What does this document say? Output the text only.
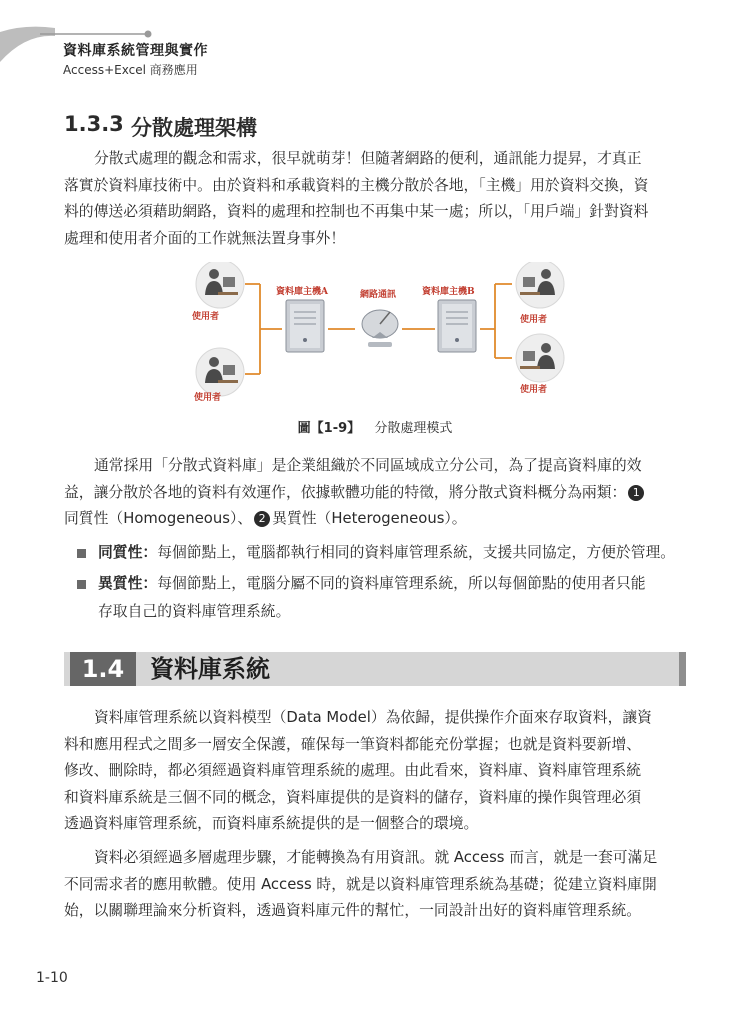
資料庫系統管理與實作
Access+Excel 商務應用
1.3.3 分散處理架構

分散式處理的觀念和需求，很早就萌芽！但隨著網路的便利，通訊能力提昇，才真正
落實於資料庫技術中。由於資料和承載資料的主機分散於各地，「主機」用於資料交換，資
料的傳送必須藉助網路，資料的處理和控制也不再集中某一處；所以，「用戶端」針對資料
處理和使用者介面的工作就無法置身事外！

資料庫主機A	網路通訊	資料庫主機B
使用者
使用者
使用者
使用者
圖【1-9】 分散處理模式

通常採用「分散式資料庫」是企業組織於不同區域成立分公司，為了提高資料庫的效
益，讓分散於各地的資料有效運作，依據軟體功能的特徵，將分散式資料概分為兩類： 1
同質性（Homogeneous）、 2 異質性（Heterogeneous）。

同質性：每個節點上，電腦都執行相同的資料庫管理系統，支援共同協定，方便於管理。
異質性：每個節點上，電腦分屬不同的資料庫管理系統，所以每個節點的使用者只能
存取自己的資料庫管理系統。
1.4	資料庫系統

資料庫管理系統以資料模型（Data Model）為依歸，提供操作介面來存取資料，讓資
料和應用程式之間多一層安全保護，確保每一筆資料都能充份掌握；也就是資料要新增、
修改、刪除時，都必須經過資料庫管理系統的處理。由此看來，資料庫、資料庫管理系統
和資料庫系統是三個不同的概念，資料庫提供的是資料的儲存，資料庫的操作與管理必須
透過資料庫管理系統，而資料庫系統提供的是一個整合的環境。

資料必須經過多層處理步驟，才能轉換為有用資訊。就 Access 而言，就是一套可滿足
不同需求者的應用軟體。使用 Access 時，就是以資料庫管理系統為基礎；從建立資料庫開
始，以關聯理論來分析資料，透過資料庫元件的幫忙，一同設計出好的資料庫管理系統。

1-10
